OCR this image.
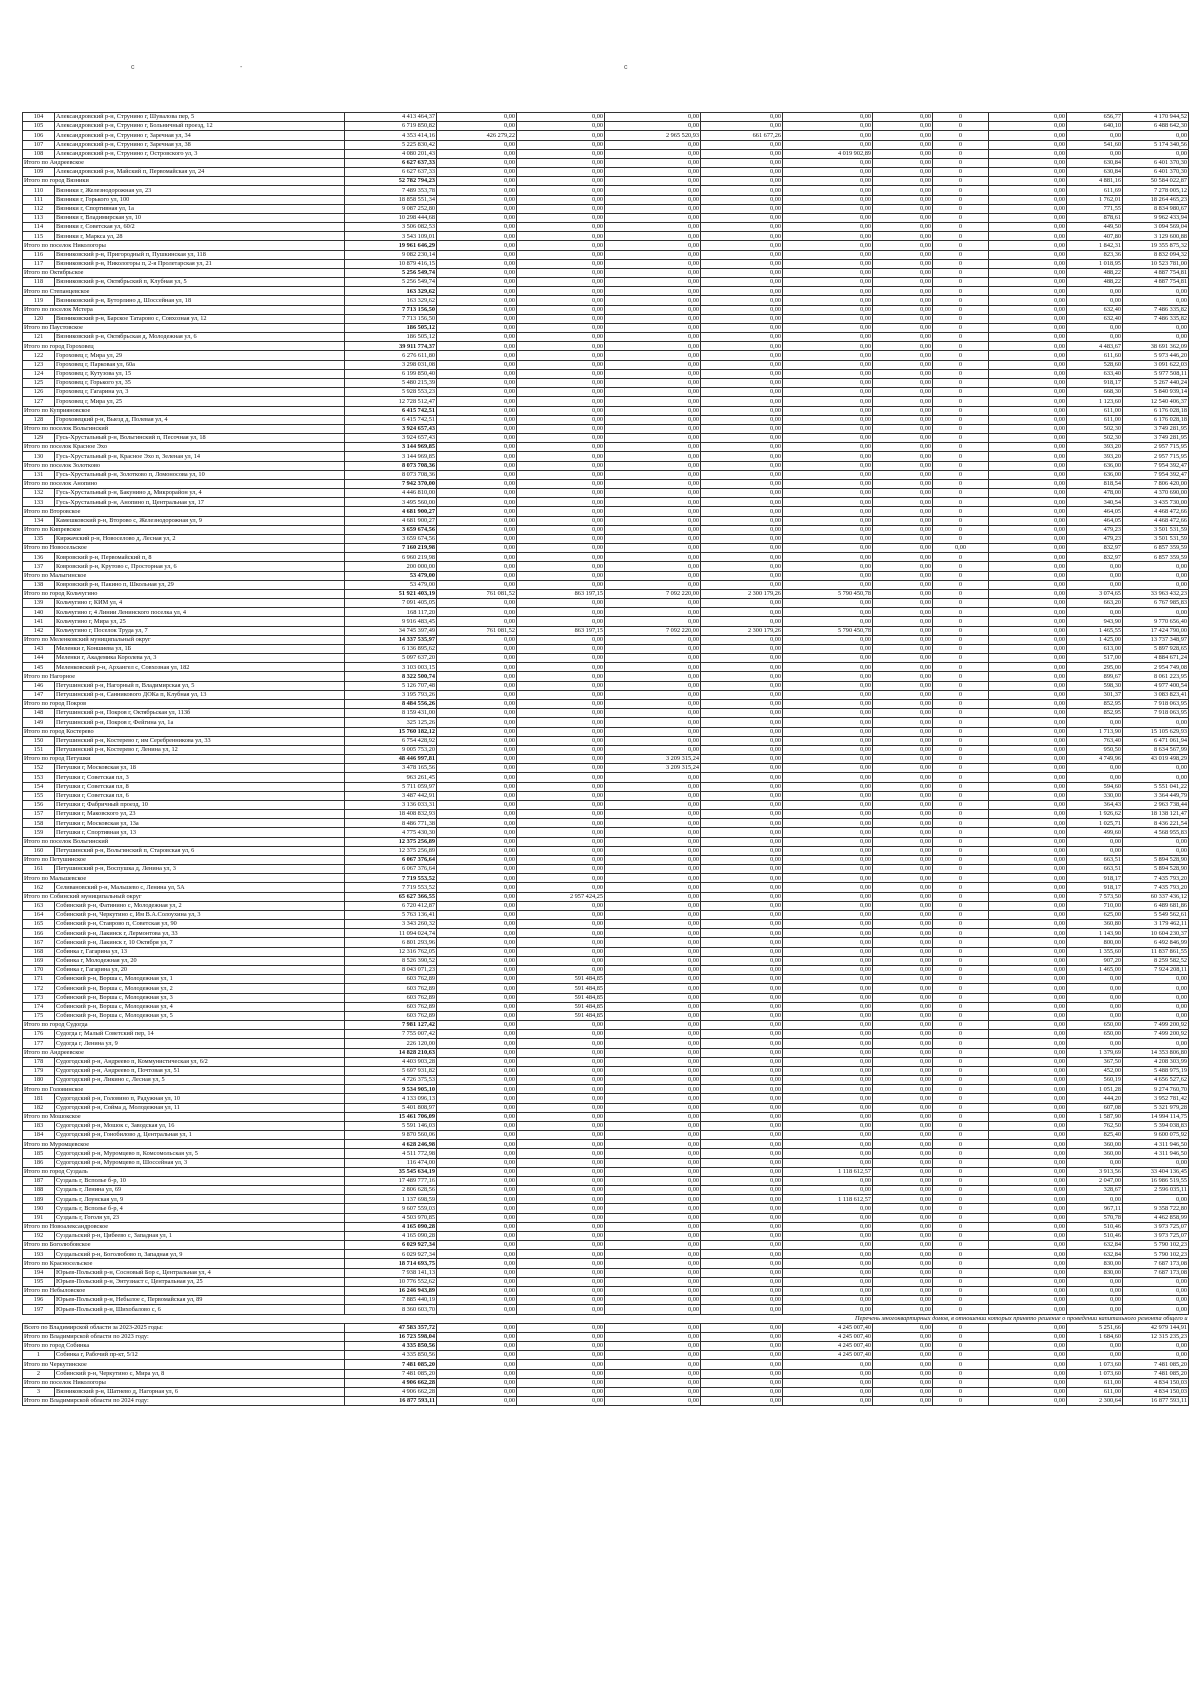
с	-	с
104	Александровский р-н, Струнино г, Шувалова пер, 5	4 413 464,37	0,00	0,00	0,00	0,00	0,00	0,00	0	0,00	656,77	4 170 944,52
105	Александровский р-н, Струнино г, Больничный проезд, 12	6 719 850,82	0,00	0,00	0,00	0,00	0,00	0,00	0	0,00	640,10	6 488 642,30
106	Александровский р-н, Струнино г, Заречная ул, 34	4 353 414,16	426 279,22	0,00	2 965 520,93	661 677,26	0,00	0,00	0	0,00	0,00	0,00
107	Александровский р-н, Струнино г, Заречная ул, 38	5 225 830,42	0,00	0,00	0,00	0,00	0,00	0,00	0	0,00	541,60	5 174 340,56
108	Александровский р-н, Струнино г, Островского ул, 3	4 080 201,43	0,00	0,00	0,00	0,00	4 019 902,89	0,00	0	0,00	0,00	0,00
Итого по Андреевское		6 627 637,33	0,00	0,00	0,00	0,00	0,00	0,00	0	0,00	630,84	6 401 370,30
109	Александровский р-н, Майский п, Первомайская ул, 24	6 627 637,33	0,00	0,00	0,00	0,00	0,00	0,00	0	0,00	630,84	6 401 370,30
Итого по город Вязники		52 782 794,23	0,00	0,00	0,00	0,00	0,00	0,00	0	0,00	4 881,16	50 584 022,87
110	Вязники г, Железнодорожная ул, 23	7 489 353,78	0,00	0,00	0,00	0,00	0,00	0,00	0	0,00	611,69	7 278 005,12
111	Вязники г, Горького ул, 100	18 858 551,34	0,00	0,00	0,00	0,00	0,00	0,00	0	0,00	1 762,01	18 264 465,23
112	Вязники г, Спортивная ул, 1а	9 087 252,80	0,00	0,00	0,00	0,00	0,00	0,00	0	0,00	771,55	8 834 980,67
113	Вязники г, Владимирская ул, 10	10 298 444,68	0,00	0,00	0,00	0,00	0,00	0,00	0	0,00	878,61	9 962 433,94
114	Вязники г, Советская ул, 60/2	3 506 082,53	0,00	0,00	0,00	0,00	0,00	0,00	0	0,00	449,50	3 094 569,04
115	Вязники г, Маркса ул, 28	3 543 109,01	0,00	0,00	0,00	0,00	0,00	0,00	0	0,00	407,80	3 129 600,88
Итого по поселок Никологоры		19 961 646,29	0,00	0,00	0,00	0,00	0,00	0,00	0	0,00	1 842,31	19 355 875,32
116	Вязниковский р-н, Пригородный п, Пушкинская ул, 118	9 082 230,14	0,00	0,00	0,00	0,00	0,00	0,00	0	0,00	823,36	8 832 094,32
117	Вязниковский р-н, Никологоры п, 2-я Пролетарская ул, 21	10 879 416,15	0,00	0,00	0,00	0,00	0,00	0,00	0	0,00	1 018,95	10 523 781,00
Итого по Октябрьское		5 256 549,74	0,00	0,00	0,00	0,00	0,00	0,00	0	0,00	488,22	4 887 754,81
118	Вязниковский р-н, Октябрьский п, Клубная ул, 5	5 256 549,74	0,00	0,00	0,00	0,00	0,00	0,00	0	0,00	488,22	4 887 754,81
Итого по Степанцевское		163 329,62	0,00	0,00	0,00	0,00	0,00	0,00	0	0,00	0,00	0,00
119	Вязниковский р-н, Буторлино д, Шоссейная ул, 18	163 329,62	0,00	0,00	0,00	0,00	0,00	0,00	0	0,00	0,00	0,00
Итого по поселок Мстера		7 713 156,50	0,00	0,00	0,00	0,00	0,00	0,00	0	0,00	632,40	7 486 335,82
120	Вязниковский р-н, Барское Татарово с, Совхозная ул, 12	7 713 156,50	0,00	0,00	0,00	0,00	0,00	0,00	0	0,00	632,40	7 486 335,82
Итого по Паустовское		186 505,12	0,00	0,00	0,00	0,00	0,00	0,00	0	0,00	0,00	0,00
121	Вязниковский р-н, Октябрьская д, Молодежная ул, 6	186 505,12	0,00	0,00	0,00	0,00	0,00	0,00	0	0,00	0,00	0,00
Итого по город Гороховец		39 911 774,37	0,00	0,00	0,00	0,00	0,00	0,00	0	0,00	4 483,67	38 691 362,09
122	Гороховец г, Мира ул, 29	6 276 611,80	0,00	0,00	0,00	0,00	0,00	0,00	0	0,00	611,60	5 973 446,20
123	Гороховец г, Парковая ул, 60а	3 298 031,08	0,00	0,00	0,00	0,00	0,00	0,00	0	0,00	528,60	3 091 622,03
124	Гороховец г, Кутузова ул, 15	6 199 850,40	0,00	0,00	0,00	0,00	0,00	0,00	0	0,00	633,40	5 977 508,11
125	Гороховец г, Горького ул, 35	5 480 215,39	0,00	0,00	0,00	0,00	0,00	0,00	0	0,00	918,17	5 267 440,24
126	Гороховец г, Гагарина ул, 3	5 928 553,23	0,00	0,00	0,00	0,00	0,00	0,00	0	0,00	668,30	5 840 939,14
127	Гороховец г, Мира ул, 25	12 728 512,47	0,00	0,00	0,00	0,00	0,00	0,00	0	0,00	1 123,60	12 540 406,37
Итого по Куприяновское		6 415 742,51	0,00	0,00	0,00	0,00	0,00	0,00	0	0,00	611,00	6 176 028,18
128	Гороховецкий р-н, Выезд д, Полевая ул, 4	6 415 742,51	0,00	0,00	0,00	0,00	0,00	0,00	0	0,00	611,00	6 176 028,18
Итого по поселок Вольгинский		3 924 657,43	0,00	0,00	0,00	0,00	0,00	0,00	0	0,00	502,30	3 749 281,95
129	Гусь-Хрустальный р-н, Вольгинский п, Песочная ул, 18	3 924 657,43	0,00	0,00	0,00	0,00	0,00	0,00	0	0,00	502,30	3 749 281,95
Итого по поселок Красное Эхо		3 144 969,85	0,00	0,00	0,00	0,00	0,00	0,00	0	0,00	393,20	2 957 715,95
130	Гусь-Хрустальный р-н, Красное Эхо п, Зеленая ул, 14	3 144 969,85	0,00	0,00	0,00	0,00	0,00	0,00	0	0,00	393,20	2 957 715,95
Итого по поселок Золотково		8 073 708,36	0,00	0,00	0,00	0,00	0,00	0,00	0	0,00	636,00	7 954 392,47
131	Гусь-Хрустальный р-н, Золотково п, Ломоносова ул, 10	8 073 708,36	0,00	0,00	0,00	0,00	0,00	0,00	0	0,00	636,00	7 954 392,47
Итого по поселок Анопино		7 942 370,00	0,00	0,00	0,00	0,00	0,00	0,00	0	0,00	818,54	7 806 420,00
132	Гусь-Хрустальный р-н, Бакунино д, Микрорайон ул, 4	4 446 810,00	0,00	0,00	0,00	0,00	0,00	0,00	0	0,00	478,00	4 370 690,00
133	Гусь-Хрустальный р-н, Анопино п, Центральная ул, 17	3 495 560,00	0,00	0,00	0,00	0,00	0,00	0,00	0	0,00	340,54	3 435 730,00
Итого по Второвское		4 681 900,27	0,00	0,00	0,00	0,00	0,00	0,00	0	0,00	464,05	4 468 472,66
134	Камешковский р-н, Второво с, Железнодорожная ул, 9	4 681 900,27	0,00	0,00	0,00	0,00	0,00	0,00	0	0,00	464,05	4 468 472,66
Итого по Кипревское		3 659 674,56	0,00	0,00	0,00	0,00	0,00	0,00	0	0,00	479,23	3 501 531,59
135	Киржачский р-н, Новоселово д, Лесная ул, 2	3 659 674,56	0,00	0,00	0,00	0,00	0,00	0,00	0	0,00	479,23	3 501 531,59
Итого по Новосельское		7 160 219,98	0,00	0,00	0,00	0,00	0,00	0,00	0,00	0,00	832,97	6 857 359,59
136	Ковровский р-н, Первомайский п, 8	6 960 219,98	0,00	0,00	0,00	0,00	0,00	0,00	0	0,00	832,97	6 857 359,59
137	Ковровский р-н, Крутово с, Просторная ул, 6	200 000,00	0,00	0,00	0,00	0,00	0,00	0,00	0	0,00	0,00	0,00
Итого по Малыгинское		53 479,00	0,00	0,00	0,00	0,00	0,00	0,00	0	0,00	0,00	0,00
138	Ковровский р-н, Пакино п, Школьная ул, 29	53 479,00	0,00	0,00	0,00	0,00	0,00	0,00	0	0,00	0,00	0,00
Итого по город Кольчугино		51 921 403,19	761 081,52	863 197,15	7 092 220,00	2 300 179,26	5 790 450,78	0,00	0	0,00	3 074,65	33 963 432,23
139	Кольчугино г, КИМ ул, 4	7 091 405,05	0,00	0,00	0,00	0,00	0,00	0,00	0	0,00	663,20	6 767 985,83
140	Кольчугино г, 4 Линии Ленинского поселка ул, 4	168 117,20	0,00	0,00	0,00	0,00	0,00	0,00	0	0,00	0,00	0,00
141	Кольчугино г, Мира ул, 25	9 916 483,45	0,00	0,00	0,00	0,00	0,00	0,00	0	0,00	943,90	9 770 656,40
142	Кольчугино г, Поселок Труда ул, 7	34 745 397,49	761 081,52	863 197,15	7 092 220,00	2 300 179,26	5 790 450,78	0,00	0	0,00	1 465,55	17 424 790,00
Итого по Меленковский муниципальный округ		14 337 535,97	0,00	0,00	0,00	0,00	0,00	0,00	0	0,00	1 425,00	13 737 348,97
143	Меленки г, Коншиева ул, 1Б	6 136 895,62	0,00	0,00	0,00	0,00	0,00	0,00	0	0,00	613,00	5 897 928,65
144	Меленки г, Академика Королева ул, 3	5 097 637,20	0,00	0,00	0,00	0,00	0,00	0,00	0	0,00	517,00	4 884 671,24
145	Меленковский р-н, Архангел с, Совхозная ул, 182	3 103 003,15	0,00	0,00	0,00	0,00	0,00	0,00	0	0,00	295,00	2 954 749,08
Итого по Нагорное		8 322 500,74	0,00	0,00	0,00	0,00	0,00	0,00	0	0,00	899,67	8 061 223,95
146	Петушинский р-н, Нагорный п, Владимирская ул, 5	5 126 707,48	0,00	0,00	0,00	0,00	0,00	0,00	0	0,00	598,30	4 977 400,54
147	Петушинский р-н, Санникового ДОКа п, Клубная ул, 13	3 195 793,26	0,00	0,00	0,00	0,00	0,00	0,00	0	0,00	301,37	3 083 823,41
Итого по город Покров		8 484 556,26	0,00	0,00	0,00	0,00	0,00	0,00	0	0,00	852,95	7 918 063,95
148	Петушинский р-н, Покров г, Октябрьская ул, 113б	8 159 431,00	0,00	0,00	0,00	0,00	0,00	0,00	0	0,00	852,95	7 918 063,95
149	Петушинский р-н, Покров г, Фейгина ул, 1а	325 125,26	0,00	0,00	0,00	0,00	0,00	0,00	0	0,00	0,00	0,00
Итого по город Костерево		15 760 182,12	0,00	0,00	0,00	0,00	0,00	0,00	0	0,00	1 713,90	15 105 629,93
150	Петушинский р-н, Костерево г, им Серебренникова ул, 33	6 754 428,92	0,00	0,00	0,00	0,00	0,00	0,00	0	0,00	763,40	6 471 061,94
151	Петушинский р-н, Костерево г, Ленина ул, 12	9 005 753,20	0,00	0,00	0,00	0,00	0,00	0,00	0	0,00	950,50	8 634 567,99
Итого по город Петушки		48 446 997,81	0,00	0,00	3 209 315,24	0,00	0,00	0,00	0	0,00	4 749,96	43 019 498,29
152	Петушки г, Московская ул, 18	3 478 165,56	0,00	0,00	3 209 315,24	0,00	0,00	0,00	0	0,00	0,00	0,00
153	Петушки г, Советская пл, 3	963 261,45	0,00	0,00	0,00	0,00	0,00	0,00	0	0,00	0,00	0,00
154	Петушки г, Советская пл, 8	5 711 059,97	0,00	0,00	0,00	0,00	0,00	0,00	0	0,00	594,60	5 551 041,22
155	Петушки г, Советская пл, 6	3 487 442,91	0,00	0,00	0,00	0,00	0,00	0,00	0	0,00	330,00	3 364 449,79
156	Петушки г, Фабричный проезд, 10	3 136 033,31	0,00	0,00	0,00	0,00	0,00	0,00	0	0,00	364,43	2 963 738,44
157	Петушки г, Маковского ул, 23	18 408 832,93	0,00	0,00	0,00	0,00	0,00	0,00	0	0,00	1 926,62	18 138 121,47
158	Петушки г, Московская ул, 13а	8 486 771,38	0,00	0,00	0,00	0,00	0,00	0,00	0	0,00	1 025,71	8 436 221,54
159	Петушки г, Спортивная ул, 13	4 775 430,30	0,00	0,00	0,00	0,00	0,00	0,00	0	0,00	499,60	4 568 955,83
Итого по поселок Вольгинский		12 375 256,89	0,00	0,00	0,00	0,00	0,00	0,00	0	0,00	0,00	0,00
160	Петушинский р-н, Вольгинский п, Старовская ул, 6	12 375 256,89	0,00	0,00	0,00	0,00	0,00	0,00	0	0,00	0,00	0,00
Итого по Петушинское		6 067 376,64	0,00	0,00	0,00	0,00	0,00	0,00	0	0,00	663,51	5 894 528,90
161	Петушинский р-н, Воспушка д, Ленина ул, 3	6 067 376,64	0,00	0,00	0,00	0,00	0,00	0,00	0	0,00	663,51	5 894 528,90
Итого по Мальшевское		7 719 553,52	0,00	0,00	0,00	0,00	0,00	0,00	0	0,00	918,17	7 435 793,20
162	Селивановский р-н, Мальшево с, Ленина ул, 5А	7 719 553,52	0,00	0,00	0,00	0,00	0,00	0,00	0	0,00	918,17	7 435 793,20
Итого по Собинский муниципальный округ		65 627 366,55	0,00	2 957 424,25	0,00	0,00	0,00	0,00	0	0,00	7 573,50	60 337 436,12
163	Собинский р-н, Фатинино с, Молодежная ул, 2	6 720 412,87	0,00	0,00	0,00	0,00	0,00	0,00	0	0,00	710,00	6 489 681,86
164	Собинский р-н, Черкутино с, Им В.А.Солоухина ул, 3	5 763 136,41	0,00	0,00	0,00	0,00	0,00	0,00	0	0,00	625,00	5 549 562,61
165	Собинский р-н, Ставрово п, Советская ул, 90	3 343 260,32	0,00	0,00	0,00	0,00	0,00	0,00	0	0,00	360,80	3 179 462,11
166	Собинский р-н, Лакинск г, Лермонтова ул, 33	11 094 024,74	0,00	0,00	0,00	0,00	0,00	0,00	0	0,00	1 143,90	10 604 230,37
167	Собинский р-н, Лакинск г, 10 Октября ул, 7	6 801 293,96	0,00	0,00	0,00	0,00	0,00	0,00	0	0,00	800,00	6 492 846,99
168	Собинка г, Гагарина ул, 13	12 316 762,05	0,00	0,00	0,00	0,00	0,00	0,00	0	0,00	1 355,60	11 837 861,55
169	Собинка г, Молодежная ул, 20	8 526 390,52	0,00	0,00	0,00	0,00	0,00	0,00	0	0,00	907,20	8 259 582,52
170	Собинка г, Гагарина ул, 20	8 043 071,23	0,00	0,00	0,00	0,00	0,00	0,00	0	0,00	1 465,00	7 924 208,11
171	Собинский р-н, Ворша с, Молодежная ул, 1	603 762,89	0,00	591 484,85	0,00	0,00	0,00	0,00	0	0,00	0,00	0,00
172	Собинский р-н, Ворша с, Молодежная ул, 2	603 762,89	0,00	591 484,85	0,00	0,00	0,00	0,00	0	0,00	0,00	0,00
173	Собинский р-н, Ворша с, Молодежная ул, 3	603 762,89	0,00	591 484,85	0,00	0,00	0,00	0,00	0	0,00	0,00	0,00
174	Собинский р-н, Ворша с, Молодежная ул, 4	603 762,89	0,00	591 484,85	0,00	0,00	0,00	0,00	0	0,00	0,00	0,00
175	Собинский р-н, Ворша с, Молодежная ул, 5	603 762,89	0,00	591 484,85	0,00	0,00	0,00	0,00	0	0,00	0,00	0,00
Итого по город Судогда		7 981 127,42	0,00	0,00	0,00	0,00	0,00	0,00	0	0,00	650,00	7 499 200,92
176	Судогда г, Малый Советский пер, 14	7 755 007,42	0,00	0,00	0,00	0,00	0,00	0,00	0	0,00	650,00	7 499 200,92
177	Судогда г, Ленина ул, 9	226 120,00	0,00	0,00	0,00	0,00	0,00	0,00	0	0,00	0,00	0,00
Итого по Андреевское		14 828 210,63	0,00	0,00	0,00	0,00	0,00	0,00	0	0,00	1 379,69	14 353 806,80
178	Судогодский р-н, Андреево п, Коммунистическая ул, 6/2	4 403 903,28	0,00	0,00	0,00	0,00	0,00	0,00	0	0,00	367,50	4 208 303,99
179	Судогодский р-н, Андреево п, Почтовая ул, 51	5 697 931,82	0,00	0,00	0,00	0,00	0,00	0,00	0	0,00	452,00	5 488 975,19
180	Судогодский р-н, Ликино с, Лесная ул, 5	4 726 375,53	0,00	0,00	0,00	0,00	0,00	0,00	0	0,00	560,19	4 656 527,62
Итого по Головинское		9 534 905,10	0,00	0,00	0,00	0,00	0,00	0,00	0	0,00	1 051,28	9 274 760,70
181	Судогодский р-н, Головино п, Радужная ул, 10	4 133 096,13	0,00	0,00	0,00	0,00	0,00	0,00	0	0,00	444,20	3 952 781,42
182	Судогодский р-н, Сойма д, Молодежная ул, 11	5 401 808,97	0,00	0,00	0,00	0,00	0,00	0,00	0	0,00	607,08	5 321 979,28
Итого по Мошокское		15 461 706,09	0,00	0,00	0,00	0,00	0,00	0,00	0	0,00	1 587,90	14 994 114,75
183	Судогодский р-н, Мошок с, Заводская ул, 16	5 591 146,03	0,00	0,00	0,00	0,00	0,00	0,00	0	0,00	762,50	5 394 038,83
184	Судогодский р-н, Гонобилово д, Центральная ул, 1	9 870 560,06	0,00	0,00	0,00	0,00	0,00	0,00	0	0,00	825,40	9 600 075,92
Итого по Муромцевское		4 628 246,98	0,00	0,00	0,00	0,00	0,00	0,00	0	0,00	360,00	4 311 946,50
185	Судогодский р-н, Муромцево п, Комсомольская ул, 5	4 511 772,98	0,00	0,00	0,00	0,00	0,00	0,00	0	0,00	360,00	4 311 946,50
186	Судогодский р-н, Муромцево п, Шоссейная ул, 3	116 474,00	0,00	0,00	0,00	0,00	0,00	0,00	0	0,00	0,00	0,00
Итого по город Суздаль		35 545 634,19	0,00	0,00	0,00	0,00	1 118 612,57	0,00	0	0,00	3 913,56	33 404 136,45
187	Суздаль г, Вспольe б-р, 10	17 489 777,16	0,00	0,00	0,00	0,00	0,00	0,00	0	0,00	2 047,00	16 986 519,55
188	Суздаль г, Ленина ул, 69	2 806 628,56	0,00	0,00	0,00	0,00	0,00	0,00	0	0,00	328,67	2 596 035,11
189	Суздаль г, Лоунская ул, 9	1 137 698,59	0,00	0,00	0,00	0,00	1 118 612,57	0,00	0	0,00	0,00	0,00
190	Суздаль г, Вспольe б-р, 4	9 607 559,03	0,00	0,00	0,00	0,00	0,00	0,00	0	0,00	967,11	9 358 722,80
191	Суздаль г, Гоголя ул, 23	4 503 970,85	0,00	0,00	0,00	0,00	0,00	0,00	0	0,00	570,78	4 462 858,99
Итого по Новоалександровское		4 165 090,28	0,00	0,00	0,00	0,00	0,00	0,00	0	0,00	510,46	3 973 725,07
192	Суздальский р-н, Цибеево с, Западная ул, 1	4 165 090,28	0,00	0,00	0,00	0,00	0,00	0,00	0	0,00	510,46	3 973 725,07
Итого по Боголюбовское		6 029 927,34	0,00	0,00	0,00	0,00	0,00	0,00	0	0,00	632,84	5 790 102,23
193	Суздальский р-н, Боголюбово п, Западная ул, 9	6 029 927,34	0,00	0,00	0,00	0,00	0,00	0,00	0	0,00	632,84	5 790 102,23
Итого по Красносельское		18 714 693,75	0,00	0,00	0,00	0,00	0,00	0,00	0	0,00	830,00	7 687 173,08
194	Юрьев-Польский р-н, Сосновый Бор с, Центральная ул, 4	7 938 141,13	0,00	0,00	0,00	0,00	0,00	0,00	0	0,00	830,00	7 687 173,08
195	Юрьев-Польский р-н, Энтузиаст с, Центральная ул, 25	10 776 552,62	0,00	0,00	0,00	0,00	0,00	0,00	0	0,00	0,00	0,00
Итого по Небыловское		16 246 943,89	0,00	0,00	0,00	0,00	0,00	0,00	0	0,00	0,00	0,00
196	Юрьев-Польский р-н, Небылое с, Первомайская ул, 89	7 885 440,19	0,00	0,00	0,00	0,00	0,00	0,00	0	0,00	0,00	0,00
197	Юрьев-Польский р-н, Шихобалово с, 6	8 360 603,70	0,00	0,00	0,00	0,00	0,00	0,00	0	0,00	0,00	0,00
Перечень многоквартирных домов, в отношении которых принято решение о проведении капитального ремонта общего и												
Всего по Владимирской области за 2023-2025 годы:		47 583 357,72	0,00	0,00	0,00	0,00	4 245 007,40	0,00	0	0,00	5 251,66	42 979 144,91
Итого по Владимирской области по 2023 году:		16 723 598,04	0,00	0,00	0,00	0,00	4 245 007,40	0,00	0	0,00	1 684,60	12 315 235,23
Итого по город Собинка		4 335 850,56	0,00	0,00	0,00	0,00	4 245 007,40	0,00	0	0,00	0,00	0,00
1	Собинка г, Рабочий пр-кт, 5/12	4 335 850,56	0,00	0,00	0,00	0,00	4 245 007,40	0,00	0	0,00	0,00	0,00
Итого по Черкутинское		7 481 085,20	0,00	0,00	0,00	0,00	0,00	0,00	0	0,00	1 073,60	7 481 085,20
2	Собинский р-н, Черкутино с, Мира ул, 8	7 481 085,20	0,00	0,00	0,00	0,00	0,00	0,00	0	0,00	1 073,60	7 481 085,20
Итого по поселок Никологоры		4 906 662,28	0,00	0,00	0,00	0,00	0,00	0,00	0	0,00	611,00	4 834 150,03
3	Вязниковский р-н, Шатнево д, Нагорная ул, 6	4 906 662,28	0,00	0,00	0,00	0,00	0,00	0,00	0	0,00	611,00	4 834 150,03
Итого по Владимирской области по 2024 году:		16 877 593,11	0,00	0,00	0,00	0,00	0,00	0,00	0	0,00	2 300,64	16 877 593,11
